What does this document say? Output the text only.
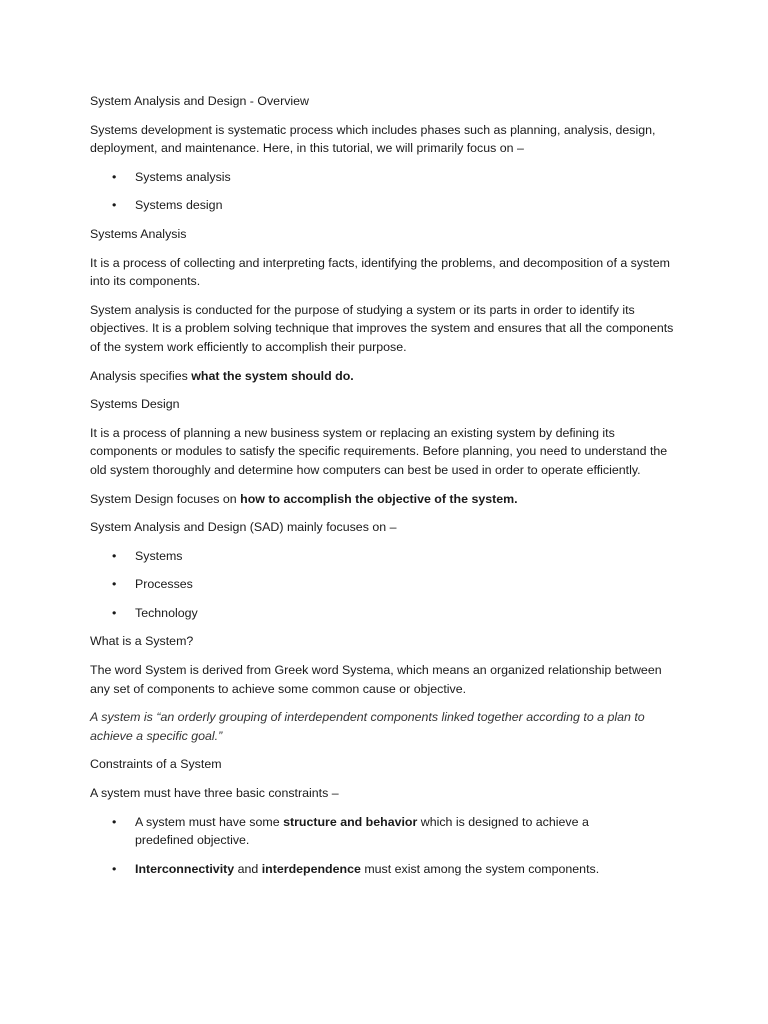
System Analysis and Design - Overview

Systems development is systematic process which includes phases such as planning, analysis, design, deployment, and maintenance. Here, in this tutorial, we will primarily focus on –

• Systems analysis
• Systems design

Systems Analysis

It is a process of collecting and interpreting facts, identifying the problems, and decomposition of a system into its components.

System analysis is conducted for the purpose of studying a system or its parts in order to identify its objectives. It is a problem solving technique that improves the system and ensures that all the components of the system work efficiently to accomplish their purpose.

Analysis specifies what the system should do.

Systems Design

It is a process of planning a new business system or replacing an existing system by defining its components or modules to satisfy the specific requirements. Before planning, you need to understand the old system thoroughly and determine how computers can best be used in order to operate efficiently.

System Design focuses on how to accomplish the objective of the system.

System Analysis and Design (SAD) mainly focuses on –

• Systems
• Processes
• Technology

What is a System?

The word System is derived from Greek word Systema, which means an organized relationship between any set of components to achieve some common cause or objective.

A system is “an orderly grouping of interdependent components linked together according to a plan to achieve a specific goal.”

Constraints of a System

A system must have three basic constraints –

• A system must have some structure and behavior which is designed to achieve a predefined objective.
• Interconnectivity and interdependence must exist among the system components.
